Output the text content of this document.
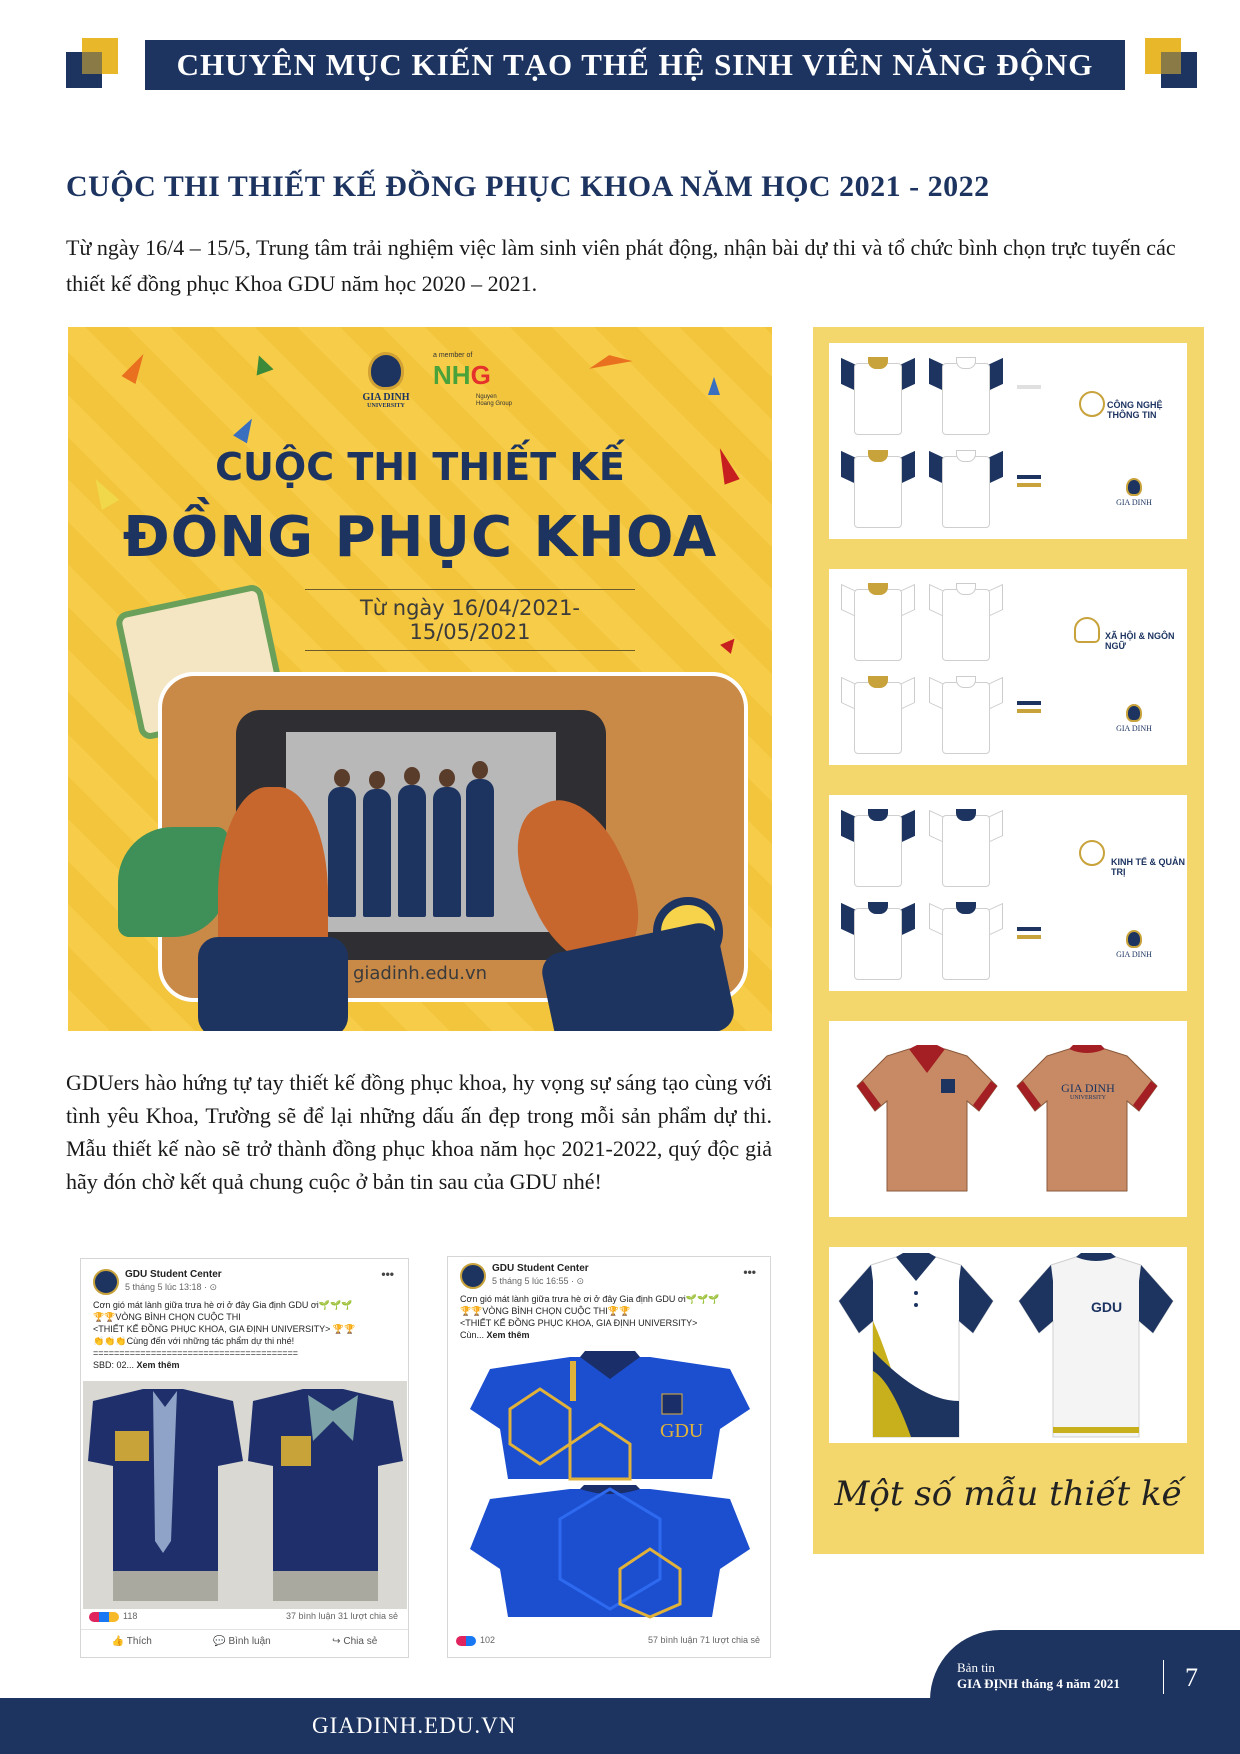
CHUYÊN MỤC KIẾN TẠO THẾ HỆ SINH VIÊN NĂNG ĐỘNG
CUỘC THI THIẾT KẾ ĐỒNG PHỤC KHOA NĂM HỌC 2021 - 2022

Từ ngày 16/4 – 15/5, Trung tâm trải nghiệm việc làm sinh viên phát động, nhận bài dự thi và tổ chức bình chọn trực tuyến các thiết kế đồng phục Khoa GDU năm học 2020 – 2021.

GIA DINH
UNIVERSITY
a member of
NHG
Nguyen Hoang Group
CUỘC THI THIẾT KẾ
ĐỒNG PHỤC KHOA
Từ ngày 16/04/2021-15/05/2021
giadinh.edu.vn

GDUers hào hứng tự tay thiết kế đồng phục khoa, hy vọng sự sáng tạo cùng với tình yêu Khoa, Trường sẽ để lại những dấu ấn đẹp trong mỗi sản phẩm dự thi. Mẫu thiết kế nào sẽ trở thành đồng phục khoa năm học 2021-2022, quý độc giả hãy đón chờ kết quả chung cuộc ở bản tin sau của GDU nhé!

CÔNG NGHỆ THÔNG TIN
GIA DINH
XÃ HỘI & NGÔN NGỮ
GIA DINH
KINH TẾ & QUẢN TRỊ
GIA DINH
GIA DINH
UNIVERSITY
GDU
Một số mẫu thiết kế
GDU Student Center
5 tháng 5 lúc 13:18 · ⊙
•••
Cơn gió mát lành giữa trưa hè ơi ở đây Gia định GDU ơi🌱🌱🌱
🏆🏆VÒNG BÌNH CHỌN CUỘC THI
<THIẾT KẾ ĐỒNG PHỤC KHOA, GIA ĐỊNH UNIVERSITY> 🏆🏆
👏👏👏Cùng đến với những tác phẩm dự thi nhé!
=======================================
SBD: 02... Xem thêm
118	37 bình luận 31 lượt chia sẻ
👍 Thích	💬 Bình luận	↪ Chia sẻ
GDU Student Center
5 tháng 5 lúc 16:55 · ⊙
•••
Cơn gió mát lành giữa trưa hè ơi ở đây Gia định GDU ơi🌱🌱🌱
🏆🏆VÒNG BÌNH CHỌN CUỘC THI🏆🏆
<THIẾT KẾ ĐỒNG PHỤC KHOA, GIA ĐỊNH UNIVERSITY>
Cùn... Xem thêm
GDU
102	57 bình luận 71 lượt chia sẻ
GIADINH.EDU.VN
Bản tin
GIA ĐỊNH tháng 4 năm 2021	7
